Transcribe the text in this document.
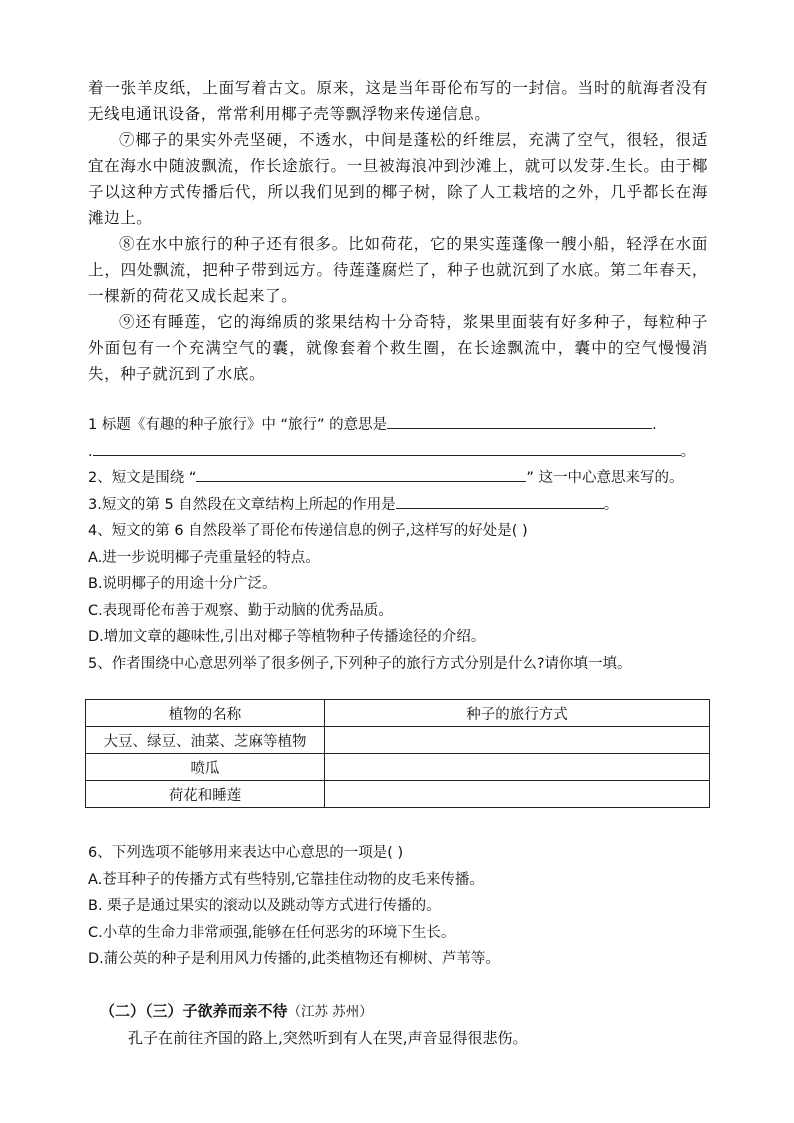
着一张羊皮纸，上面写着古文。原来，这是当年哥伦布写的一封信。当时的航海者没有无线电通讯设备，常常利用椰子壳等飘浮物来传递信息。

⑦椰子的果实外壳坚硬，不透水，中间是蓬松的纤维层，充满了空气，很轻，很适宜在海水中随波飘流，作长途旅行。一旦被海浪冲到沙滩上，就可以发芽.生长。由于椰子以这种方式传播后代，所以我们见到的椰子树，除了人工栽培的之外，几乎都长在海滩边上。

⑧在水中旅行的种子还有很多。比如荷花，它的果实莲蓬像一艘小船，轻浮在水面上，四处飘流，把种子带到远方。待莲蓬腐烂了，种子也就沉到了水底。第二年春天，一棵新的荷花又成长起来了。

⑨还有睡莲，它的海绵质的浆果结构十分奇特，浆果里面装有好多种子，每粒种子外面包有一个充满空气的囊，就像套着个救生圈，在长途飘流中，囊中的空气慢慢消失，种子就沉到了水底。

1 标题《有趣的种子旅行》中 “旅行” 的意思是	.
.	。
2、短文是围绕 “	” 这一中心意思来写的。
3.短文的第 5 自然段在文章结构上所起的作用是	。
4、短文的第 6 自然段举了哥伦布传递信息的例子,这样写的好处是( )
A.进一步说明椰子壳重量轻的特点。
B.说明椰子的用途十分广泛。
C.表现哥伦布善于观察、勤于动脑的优秀品质。
D.增加文章的趣味性,引出对椰子等植物种子传播途径的介绍。
5、作者围绕中心意思列举了很多例子,下列种子的旅行方式分别是什么?请你填一填。
植物的名称	种子的旅行方式
大豆、绿豆、油菜、芝麻等植物	
喷瓜	
荷花和睡莲	
6、下列选项不能够用来表达中心意思的一项是( )
A.苍耳种子的传播方式有些特别,它靠挂住动物的皮毛来传播。
B. 栗子是通过果实的滚动以及跳动等方式进行传播的。
C.小草的生命力非常顽强,能够在任何恶劣的环境下生长。
D.蒲公英的种子是利用风力传播的,此类植物还有柳树、芦苇等。
（二）（三）子欲养而亲不待（江苏 苏州）
孔子在前往齐国的路上,突然听到有人在哭,声音显得很悲伤。
